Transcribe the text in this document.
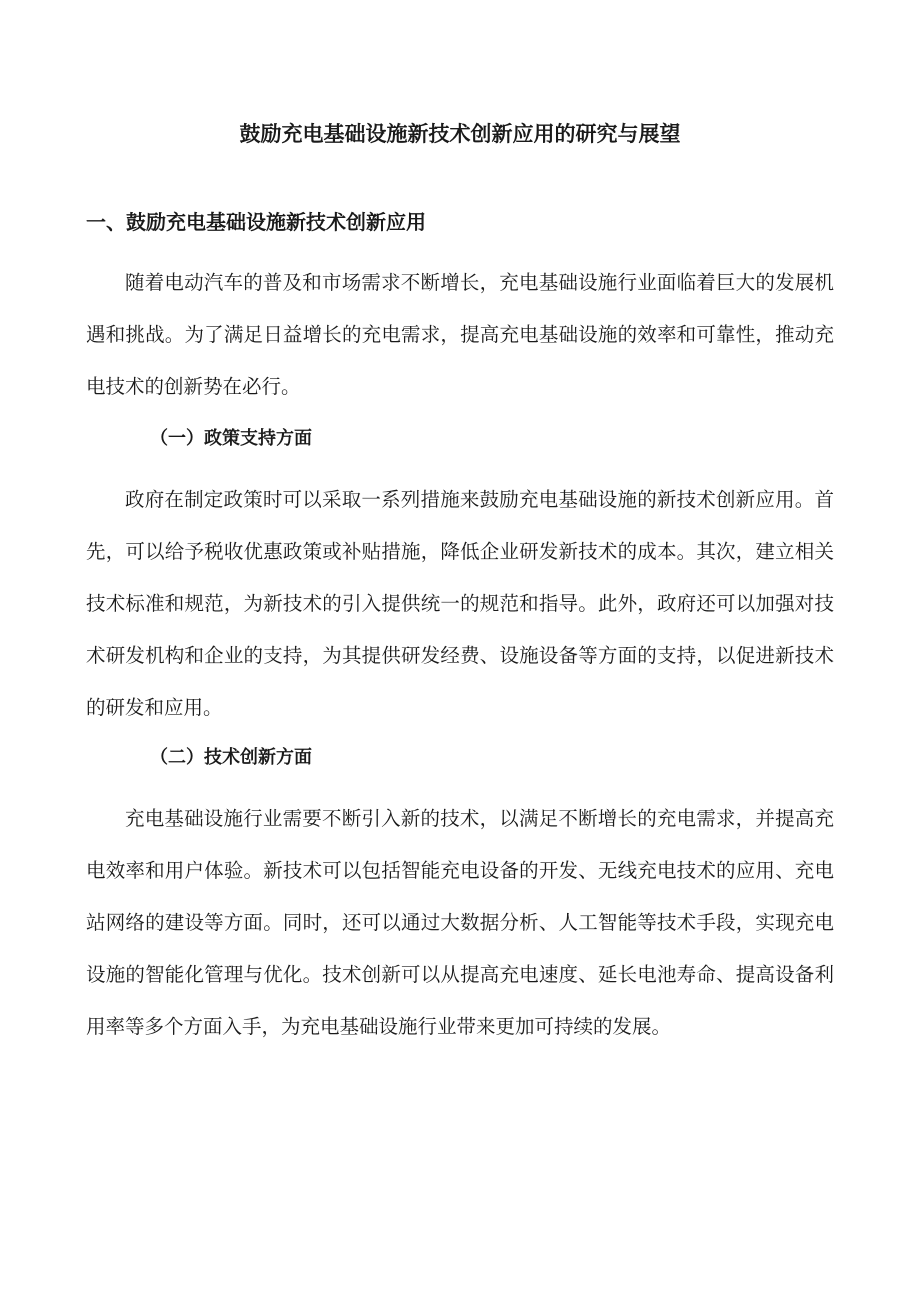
鼓励充电基础设施新技术创新应用的研究与展望
一、鼓励充电基础设施新技术创新应用

随着电动汽车的普及和市场需求不断增长，充电基础设施行业面临着巨大的发展机遇和挑战。为了满足日益增长的充电需求，提高充电基础设施的效率和可靠性，推动充电技术的创新势在必行。

（一）政策支持方面

政府在制定政策时可以采取一系列措施来鼓励充电基础设施的新技术创新应用。首先，可以给予税收优惠政策或补贴措施，降低企业研发新技术的成本。其次，建立相关技术标准和规范，为新技术的引入提供统一的规范和指导。此外，政府还可以加强对技术研发机构和企业的支持，为其提供研发经费、设施设备等方面的支持，以促进新技术的研发和应用。

（二）技术创新方面

充电基础设施行业需要不断引入新的技术，以满足不断增长的充电需求，并提高充电效率和用户体验。新技术可以包括智能充电设备的开发、无线充电技术的应用、充电站网络的建设等方面。同时，还可以通过大数据分析、人工智能等技术手段，实现充电设施的智能化管理与优化。技术创新可以从提高充电速度、延长电池寿命、提高设备利用率等多个方面入手，为充电基础设施行业带来更加可持续的发展。
